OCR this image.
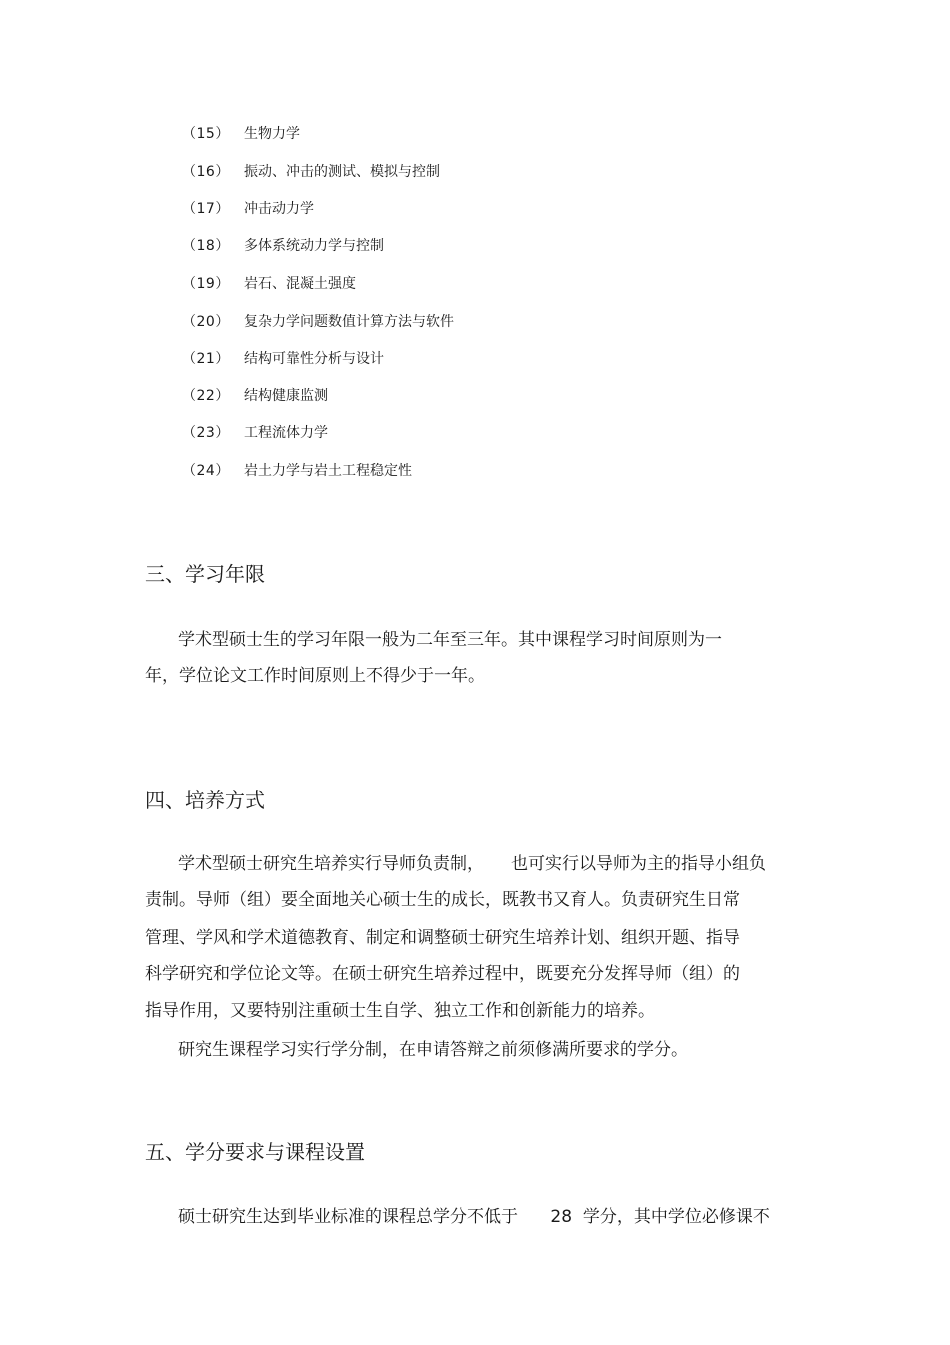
（15） 生物力学
（16） 振动、冲击的测试、模拟与控制
（17） 冲击动力学
（18） 多体系统动力学与控制
（19） 岩石、混凝土强度
（20） 复杂力学问题数值计算方法与软件
（21） 结构可靠性分析与设计
（22） 结构健康监测
（23） 工程流体力学
（24） 岩土力学与岩土工程稳定性
三、学习年限
学术型硕士生的学习年限一般为二年至三年。其中课程学习时间原则为一
年，学位论文工作时间原则上不得少于一年。
四、培养方式
学术型硕士研究生培养实行导师负责制，     也可实行以导师为主的指导小组负
责制。导师（组）要全面地关心硕士生的成长，既教书又育人。负责研究生日常
管理、学风和学术道德教育、制定和调整硕士研究生培养计划、组织开题、指导
科学研究和学位论文等。在硕士研究生培养过程中，既要充分发挥导师（组）的
指导作用，又要特别注重硕士生自学、独立工作和创新能力的培养。
研究生课程学习实行学分制，在申请答辩之前须修满所要求的学分。
五、学分要求与课程设置
硕士研究生达到毕业标准的课程总学分不低于      28  学分，其中学位必修课不
